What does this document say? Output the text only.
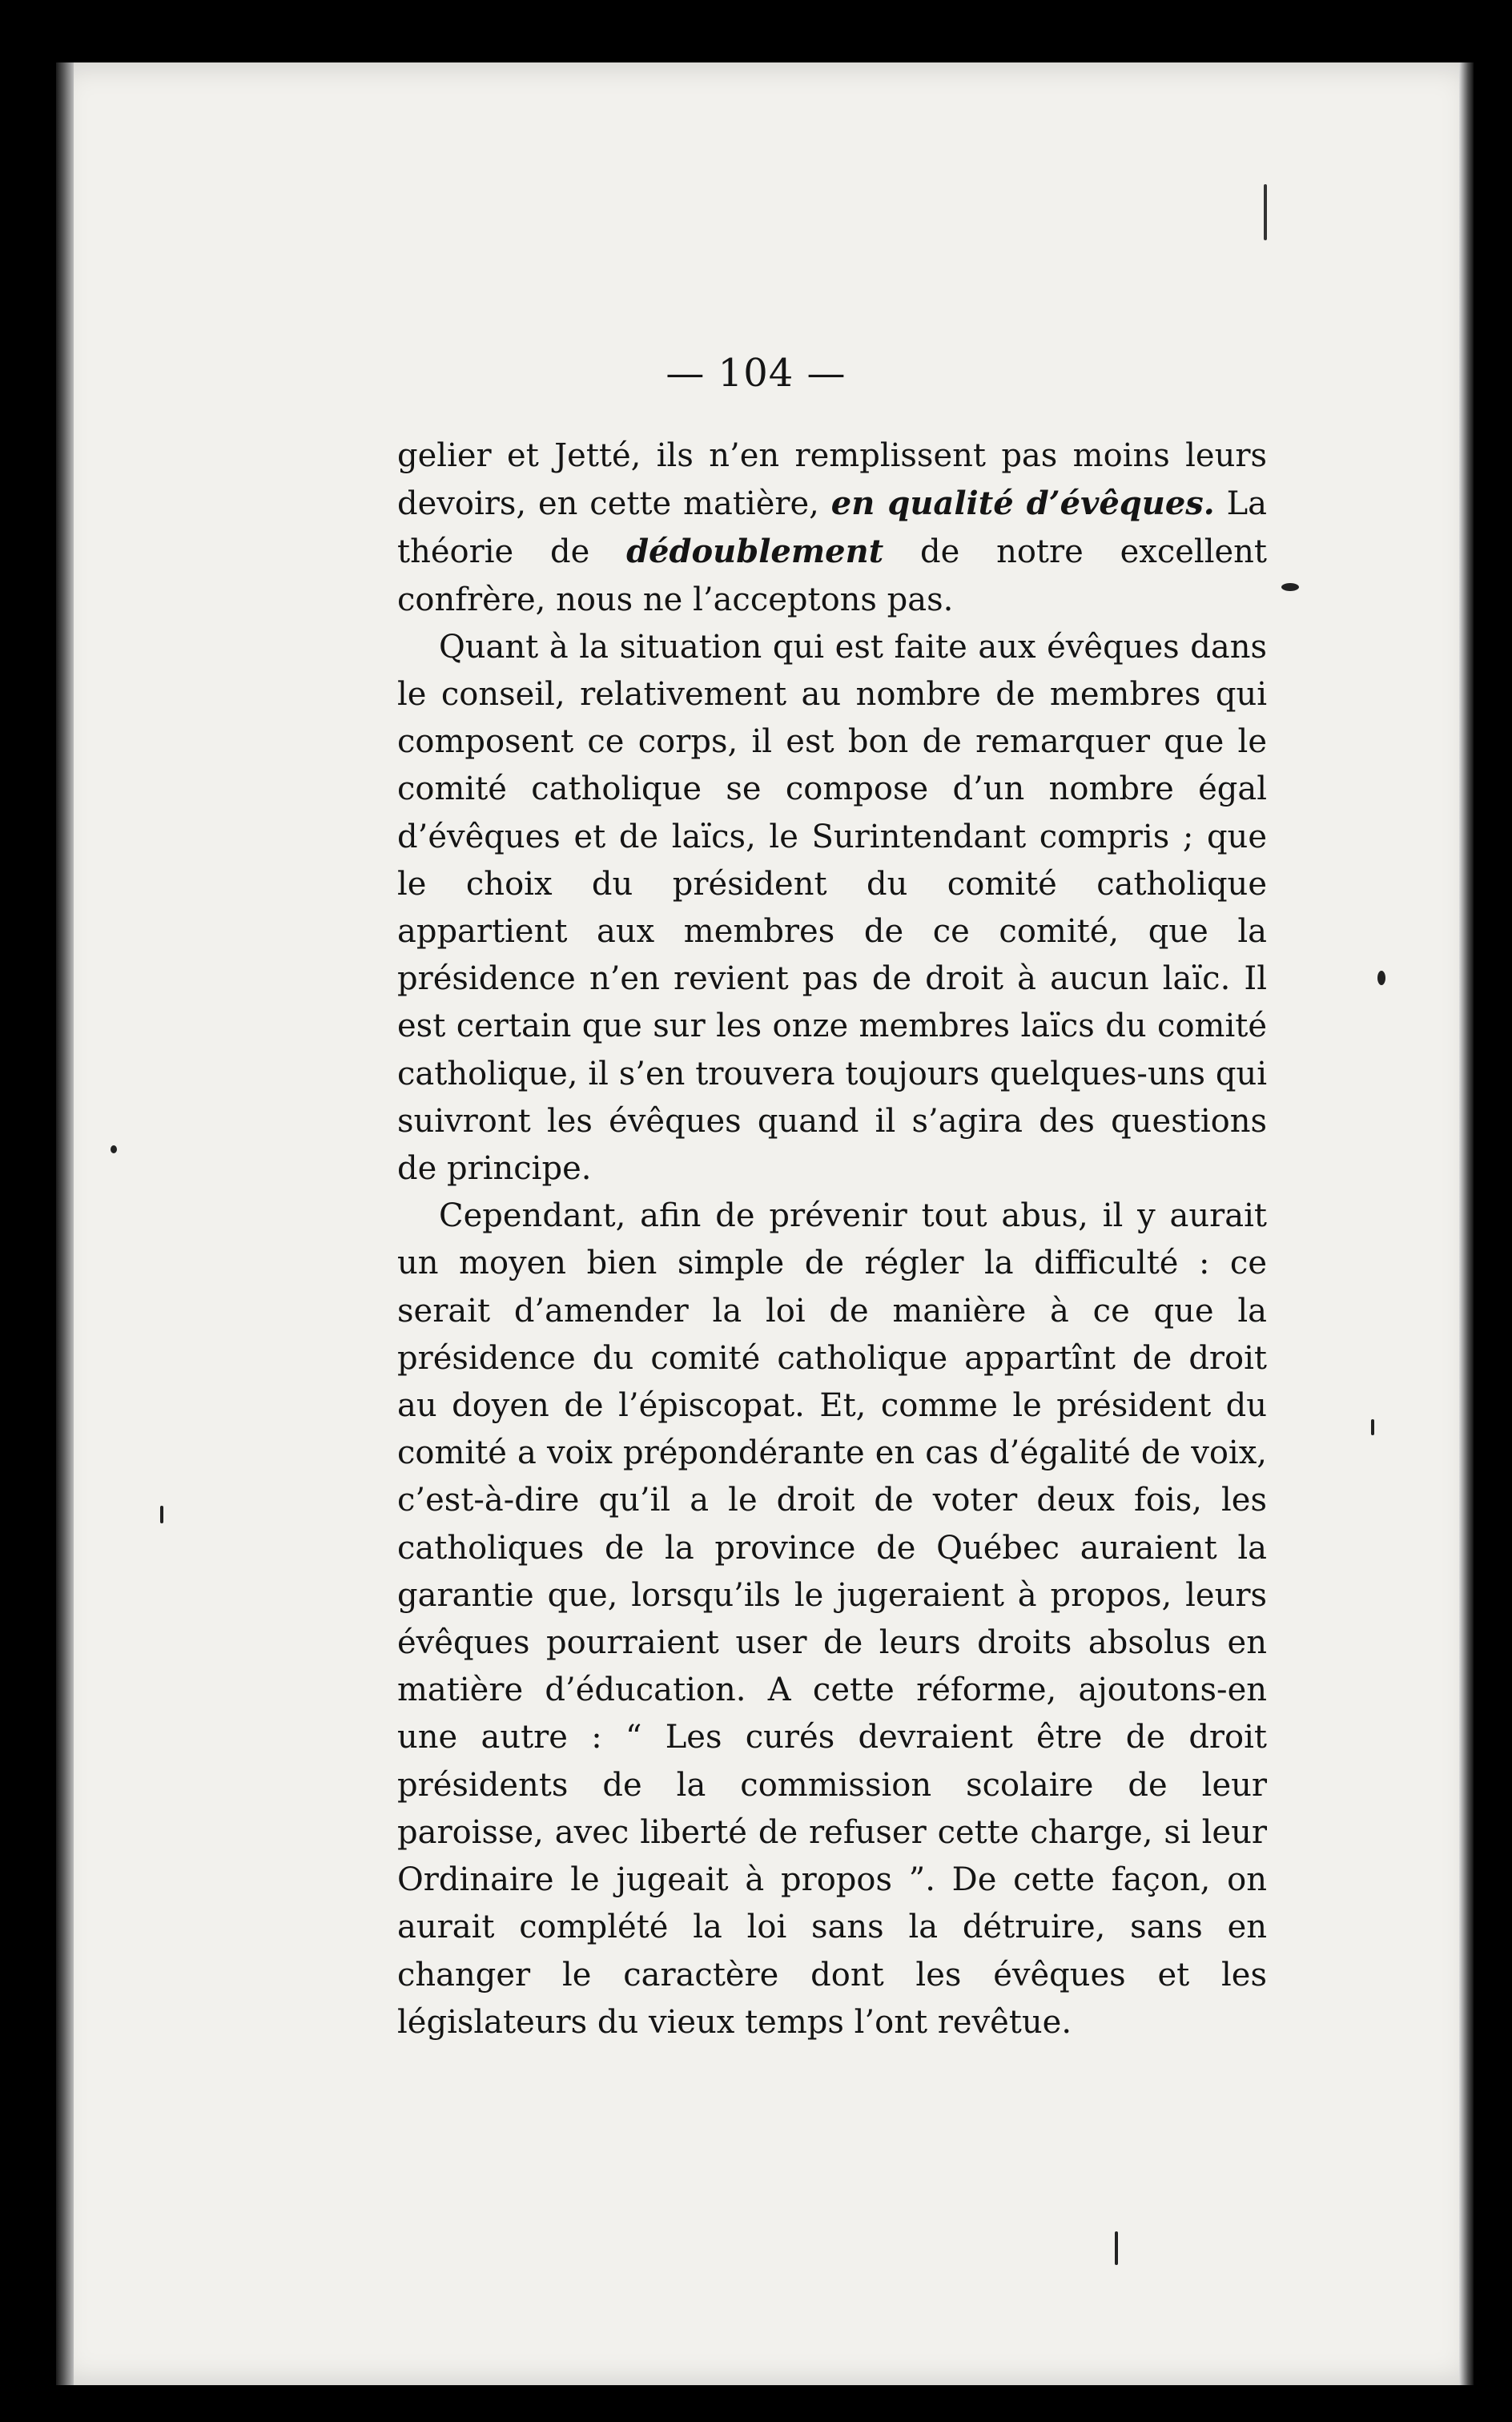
— 104 —

gelier et Jetté, ils n’en remplissent pas moins leurs devoirs, en cette matière, en qualité d’évêques. La théorie de dédoublement de notre excellent confrère, nous ne l’acceptons pas.

Quant à la situation qui est faite aux évêques dans le conseil, relativement au nombre de membres qui composent ce corps, il est bon de remarquer que le comité catholique se compose d’un nombre égal d’évêques et de laïcs, le Surintendant compris ; que le choix du président du comité catholique appartient aux membres de ce comité, que la présidence n’en revient pas de droit à aucun laïc. Il est certain que sur les onze membres laïcs du comité catholique, il s’en trouvera toujours quelques-uns qui suivront les évêques quand il s’agira des questions de principe.

Cependant, afin de prévenir tout abus, il y aurait un moyen bien simple de régler la difficulté : ce serait d’amender la loi de manière à ce que la présidence du comité catholique appartînt de droit au doyen de l’épiscopat. Et, comme le président du comité a voix prépondérante en cas d’égalité de voix, c’est-à-dire qu’il a le droit de voter deux fois, les catholiques de la province de Québec auraient la garantie que, lorsqu’ils le jugeraient à propos, leurs évêques pourraient user de leurs droits absolus en matière d’éducation. A cette réforme, ajoutons-en une autre : “ Les curés devraient être de droit présidents de la commission scolaire de leur paroisse, avec liberté de refuser cette charge, si leur Ordinaire le jugeait à propos ”. De cette façon, on aurait complété la loi sans la détruire, sans en changer le caractère dont les évêques et les législateurs du vieux temps l’ont revêtue.
